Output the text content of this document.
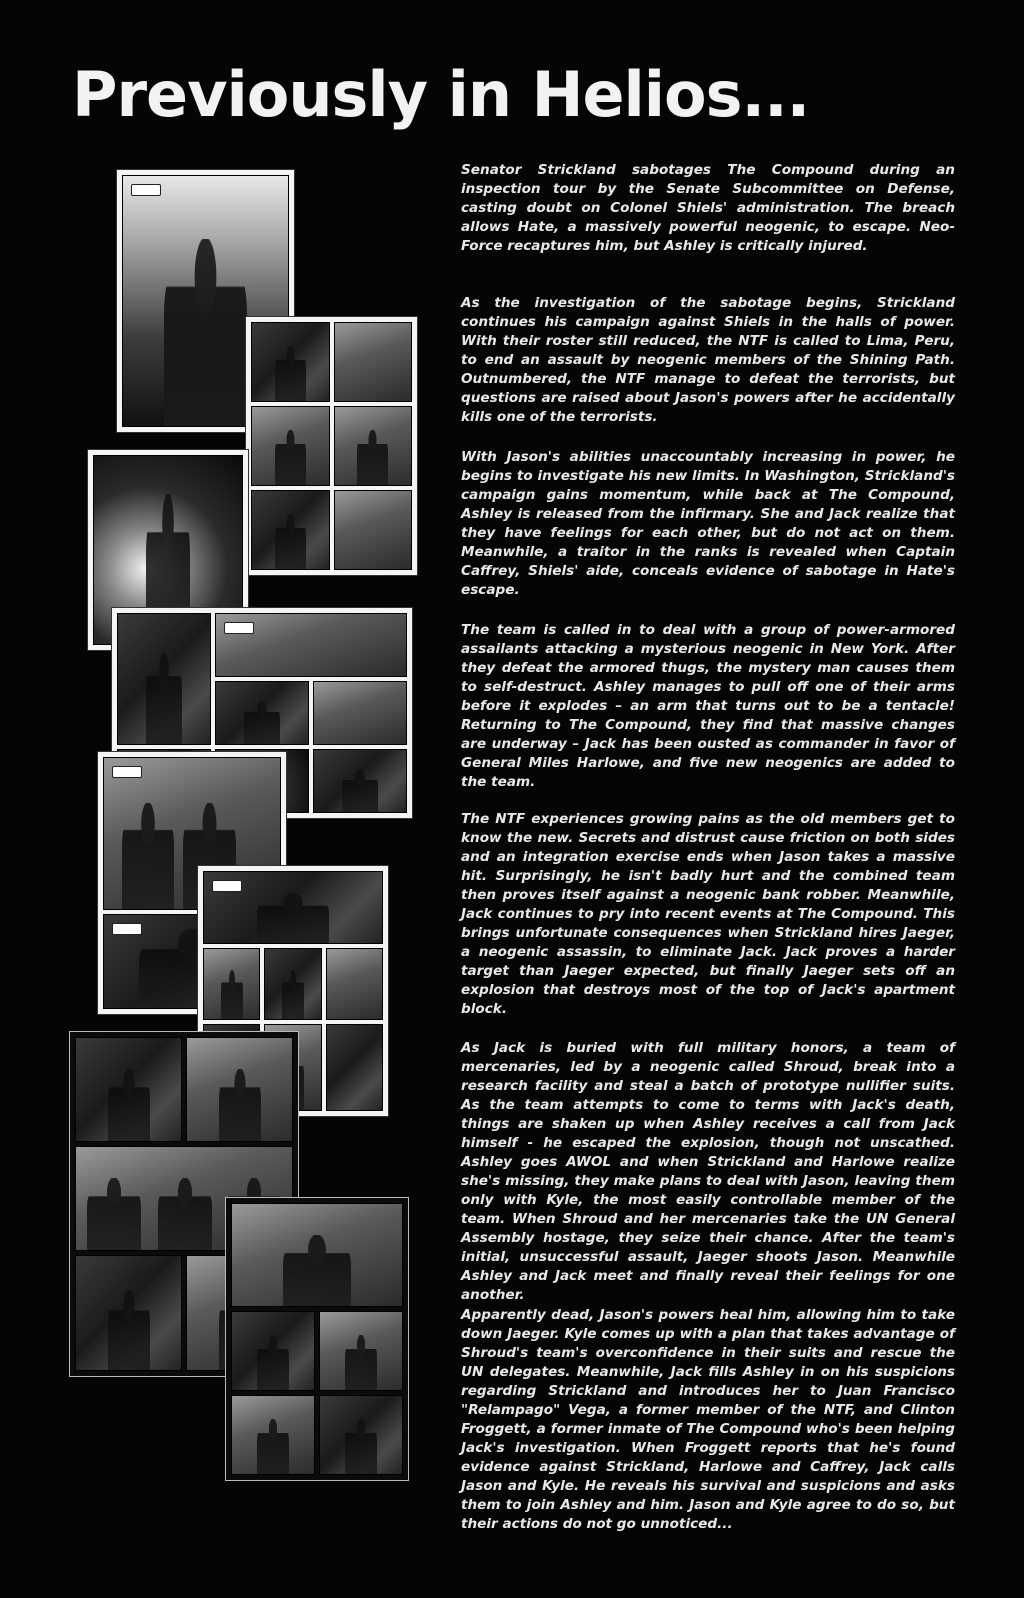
Previously in Helios...

Senator Strickland sabotages The Compound during an inspection tour by the Senate Subcommittee on Defense, casting doubt on Colonel Shiels' administration. The breach allows Hate, a massively powerful neogenic, to escape. Neo-Force recaptures him, but Ashley is critically injured.

As the investigation of the sabotage begins, Strickland continues his campaign against Shiels in the halls of power. With their roster still reduced, the NTF is called to Lima, Peru, to end an assault by neogenic members of the Shining Path. Outnumbered, the NTF manage to defeat the terrorists, but questions are raised about Jason's powers after he accidentally kills one of the terrorists.

With Jason's abilities unaccountably increasing in power, he begins to investigate his new limits. In Washington, Strickland's campaign gains momentum, while back at The Compound, Ashley is released from the infirmary. She and Jack realize that they have feelings for each other, but do not act on them. Meanwhile, a traitor in the ranks is revealed when Captain Caffrey, Shiels' aide, conceals evidence of sabotage in Hate's escape.

The team is called in to deal with a group of power-armored assailants attacking a mysterious neogenic in New York. After they defeat the armored thugs, the mystery man causes them to self-destruct. Ashley manages to pull off one of their arms before it explodes – an arm that turns out to be a tentacle! Returning to The Compound, they find that massive changes are underway – Jack has been ousted as commander in favor of General Miles Harlowe, and five new neogenics are added to the team.

The NTF experiences growing pains as the old members get to know the new. Secrets and distrust cause friction on both sides and an integration exercise ends when Jason takes a massive hit. Surprisingly, he isn't badly hurt and the combined team then proves itself against a neogenic bank robber. Meanwhile, Jack continues to pry into recent events at The Compound. This brings unfortunate consequences when Strickland hires Jaeger, a neogenic assassin, to eliminate Jack. Jack proves a harder target than Jaeger expected, but finally Jaeger sets off an explosion that destroys most of the top of Jack's apartment block.

As Jack is buried with full military honors, a team of mercenaries, led by a neogenic called Shroud, break into a research facility and steal a batch of prototype nullifier suits. As the team attempts to come to terms with Jack's death, things are shaken up when Ashley receives a call from Jack himself - he escaped the explosion, though not unscathed. Ashley goes AWOL and when Strickland and Harlowe realize she's missing, they make plans to deal with Jason, leaving them only with Kyle, the most easily controllable member of the team. When Shroud and her mercenaries take the UN General Assembly hostage, they seize their chance. After the team's initial, unsuccessful assault, Jaeger shoots Jason. Meanwhile Ashley and Jack meet and finally reveal their feelings for one another.

Apparently dead, Jason's powers heal him, allowing him to take down Jaeger. Kyle comes up with a plan that takes advantage of Shroud's team's overconfidence in their suits and rescue the UN delegates. Meanwhile, Jack fills Ashley in on his suspicions regarding Strickland and introduces her to Juan Francisco "Relampago" Vega, a former member of the NTF, and Clinton Froggett, a former inmate of The Compound who's been helping Jack's investigation. When Froggett reports that he's found evidence against Strickland, Harlowe and Caffrey, Jack calls Jason and Kyle. He reveals his survival and suspicions and asks them to join Ashley and him. Jason and Kyle agree to do so, but their actions do not go unnoticed...
